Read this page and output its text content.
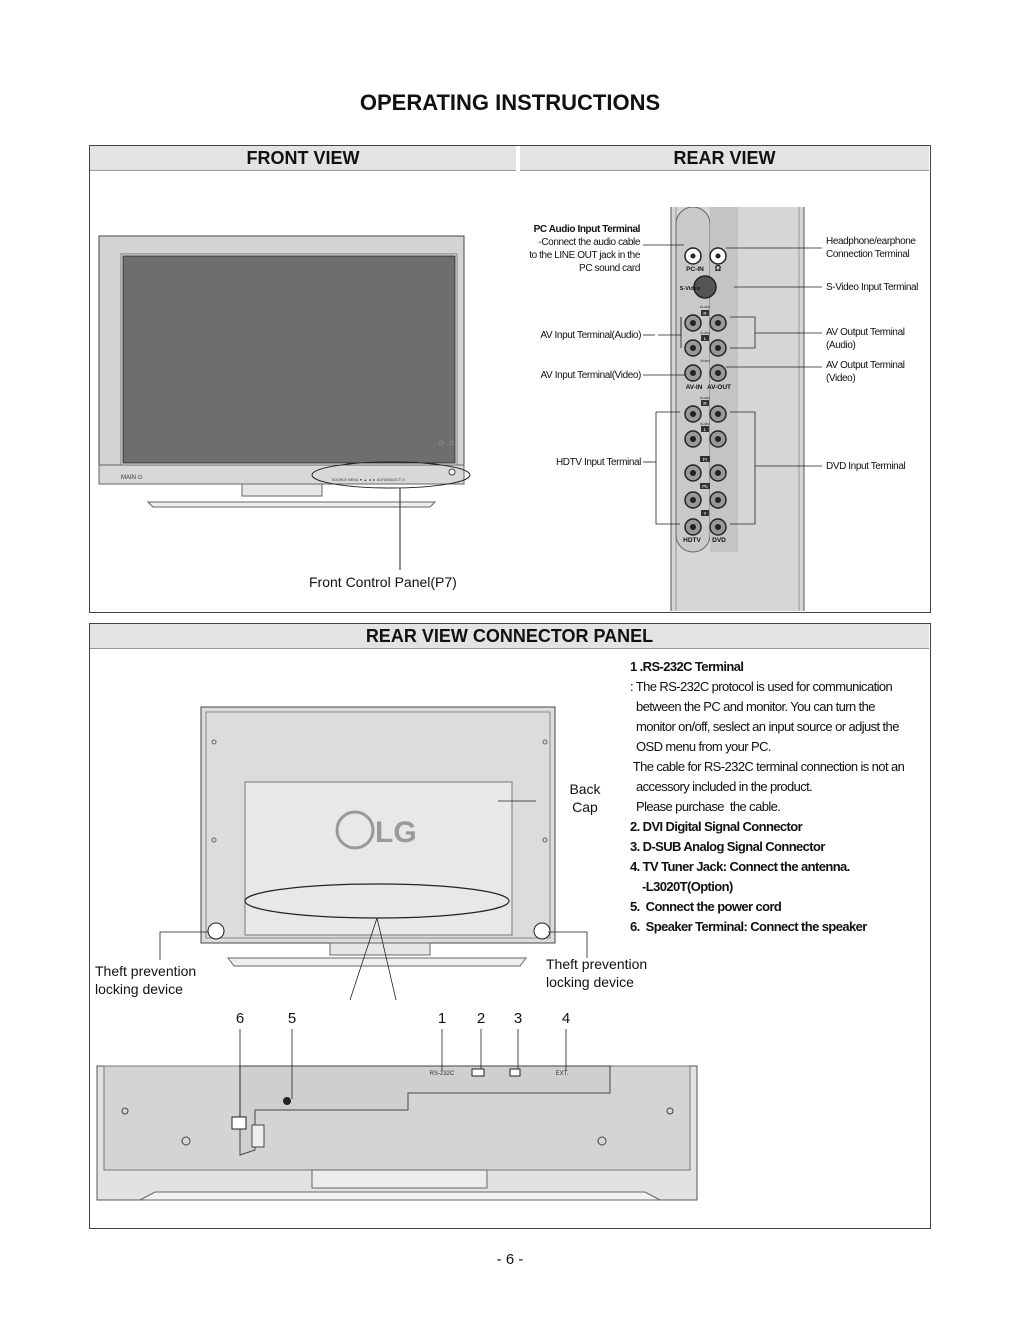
OPERATING INSTRUCTIONS
FRONT VIEW	REAR VIEW
MAIN ⏻	SOURCE MENU ▼ ▲ ◄ ► AUTO/SELECT ⏻
Front Control Panel(P7)
PC-IN Ω
S-Video
AV-IN AV-OUT
HDTV DVD
Audio
Audio
Video
Audio
Audio
R
L
R
L
Pr
Pb
Y
PC Audio Input Terminal
-Connect the audio cable
to the LINE OUT jack in the
PC sound card
AV Input Terminal(Audio)
AV Input Terminal(Video)
HDTV Input Terminal
Headphone/earphone
Connection Terminal
S-Video Input Terminal
AV Output Terminal
(Audio)
AV Output Terminal
(Video)
DVD Input Terminal
REAR VIEW CONNECTOR PANEL
LG
Back
Cap
Theft prevention
locking device
Theft prevention
locking device
6	5	1 2 3	4
RS-232C	EXT.
1 .RS-232C Terminal
: The RS-232C protocol is used for communication
between the PC and monitor. You can turn the
monitor on/off, seslect an input source or adjust the
OSD menu from your PC.
The cable for RS-232C terminal connection is not an
accessory included in the product.
Please purchase  the cable.
2. DVI Digital Signal Connector
3. D-SUB Analog Signal Connector
4. TV Tuner Jack: Connect the antenna.
-L3020T(Option)
5.  Connect the power cord
6.  Speaker Terminal: Connect the speaker
- 6 -
